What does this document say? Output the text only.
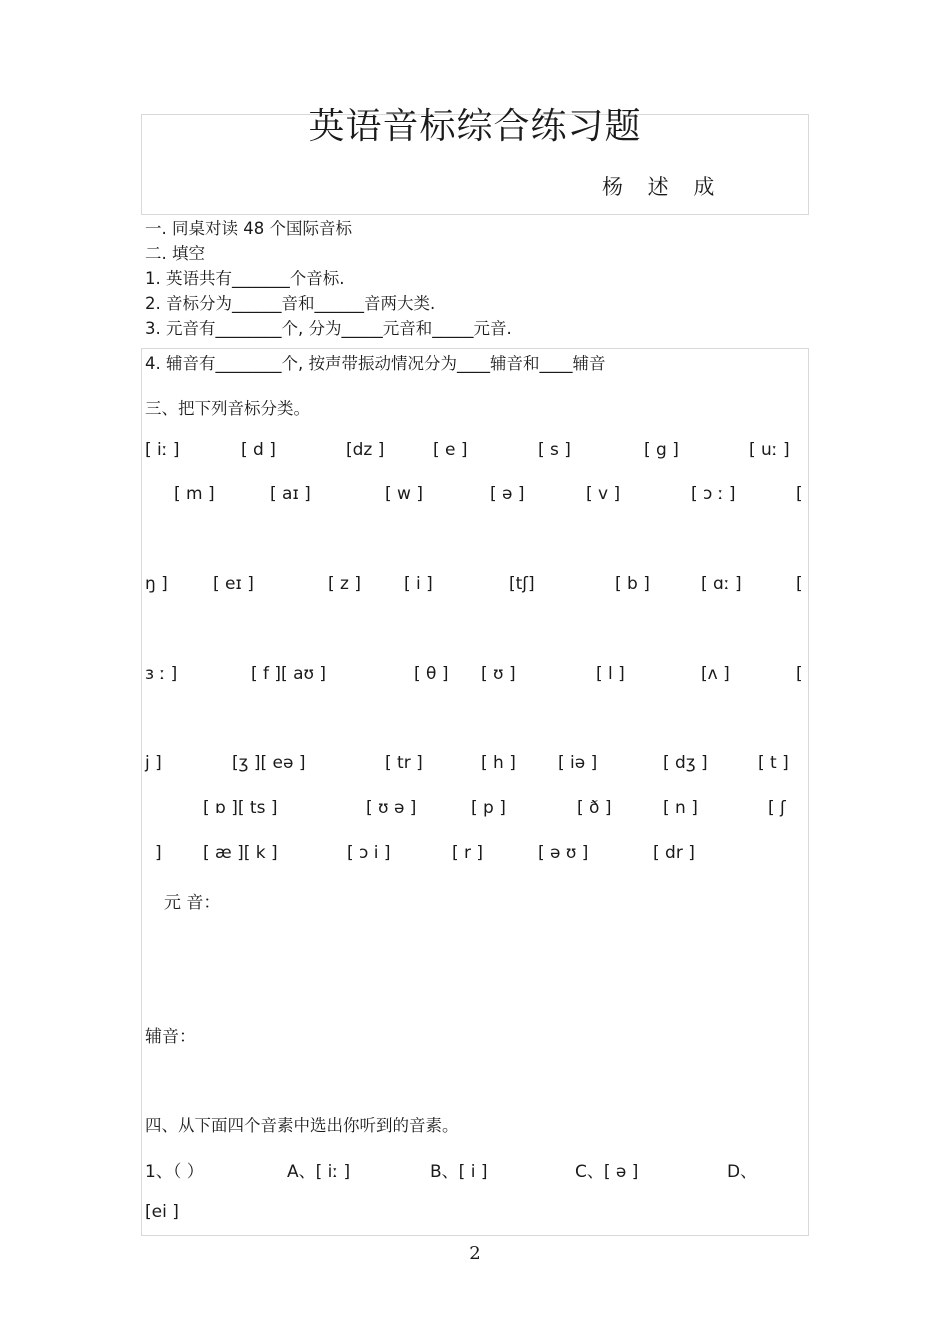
英语音标综合练习题
杨 述 成
一. 同桌对读 48 个国际音标
二. 填空
1. 英语共有_______个音标.
2. 音标分为______音和______音两大类.
3. 元音有________个, 分为_____元音和_____元音.
4. 辅音有________个, 按声带振动情况分为____辅音和____辅音
三、把下列音标分类。
[ iː ]	[ d ]	[dz ]	[ e ]	[ s ]	[ g ]	[ uː ]
[ m ]	[ aɪ ]	[ w ]	[ ə ]	[ v ]	[ ɔ ː ]	[
ŋ ]	[ eɪ ]	[ z ]	[ i ]	[tʃ]	[ b ]	[ ɑː ]	[
ɜ ː ]	[ f ][ aʊ ]	[ θ ] [ ʊ ]	[ l ]	[ʌ ]	[
j ]	[ʒ ][ eə ]	[ tr ]	[ h ] [ iə ]	[ dʒ ]	[ t ]
[ ɒ ][ ts ]	[ ʊ ə ]	[ p ]	[ ð ]	[ n ]	[ ʃ
] [ æ ][ k ]	[ ɔ i ]	[ r ]	[ ə ʊ ]	[ dr ]
元 音：
辅音：
四、从下面四个音素中选出你听到的音素。
1、（ ）	A、[ iː ]	B、[ i ]	C、[ ə ]	D、
[ei ]
2
